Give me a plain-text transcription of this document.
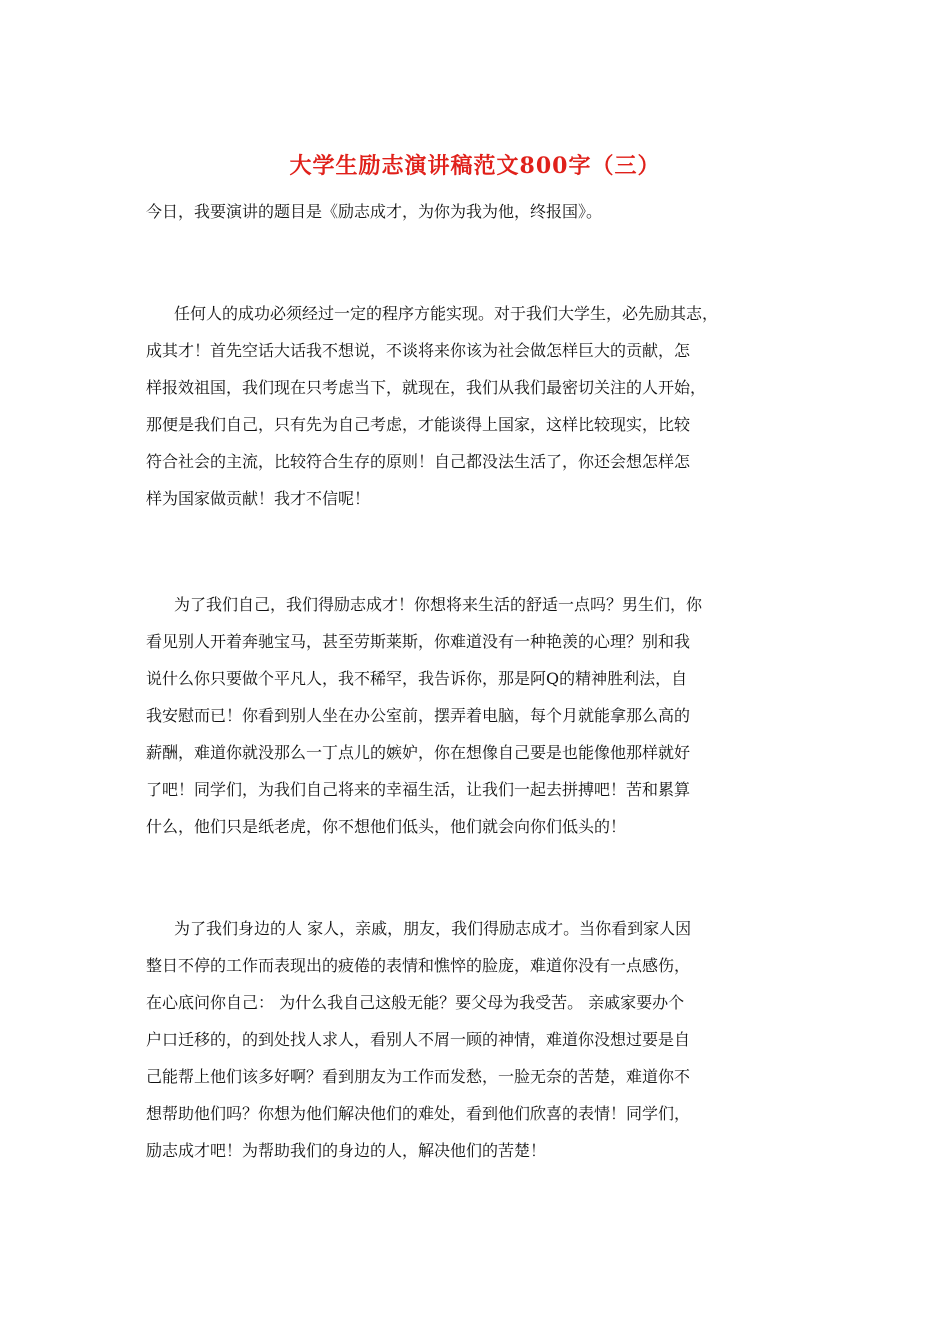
大学生励志演讲稿范文800字（三）
今日，我要演讲的题目是《励志成才，为你为我为他，终报国》。
任何人的成功必须经过一定的程序方能实现。对于我们大学生，必先励其志，
成其才！首先空话大话我不想说，不谈将来你该为社会做怎样巨大的贡献，怎
样报效祖国，我们现在只考虑当下，就现在，我们从我们最密切关注的人开始，
那便是我们自己，只有先为自己考虑，才能谈得上国家，这样比较现实，比较
符合社会的主流，比较符合生存的原则！自己都没法生活了，你还会想怎样怎
样为国家做贡献！我才不信呢！
为了我们自己，我们得励志成才！你想将来生活的舒适一点吗？男生们，你
看见别人开着奔驰宝马，甚至劳斯莱斯，你难道没有一种艳羡的心理？别和我
说什么你只要做个平凡人，我不稀罕，我告诉你，那是阿Q的精神胜利法，自
我安慰而已！你看到别人坐在办公室前，摆弄着电脑，每个月就能拿那么高的
薪酬，难道你就没那么一丁点儿的嫉妒，你在想像自己要是也能像他那样就好
了吧！同学们，为我们自己将来的幸福生活，让我们一起去拼搏吧！苦和累算
什么，他们只是纸老虎，你不想他们低头，他们就会向你们低头的！
为了我们身边的人 家人，亲戚，朋友，我们得励志成才。当你看到家人因
整日不停的工作而表现出的疲倦的表情和憔悴的脸庞，难道你没有一点感伤，
在心底问你自己： 为什么我自己这般无能？要父母为我受苦。 亲戚家要办个
户口迁移的，的到处找人求人，看别人不屑一顾的神情，难道你没想过要是自
己能帮上他们该多好啊？看到朋友为工作而发愁，一脸无奈的苦楚，难道你不
想帮助他们吗？你想为他们解决他们的难处，看到他们欣喜的表情！同学们，
励志成才吧！为帮助我们的身边的人，解决他们的苦楚！
